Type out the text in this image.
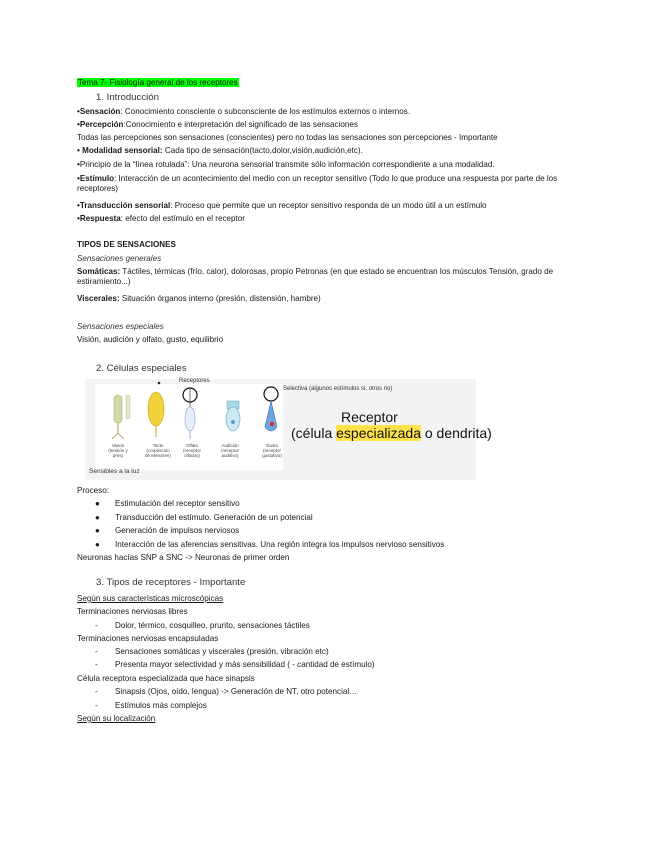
Tema 7- Fisiología general de los receptores
1. Introducción
•Sensación: Conocimiento consciente o subconsciente de los estímulos externos o internos.
•Percepción:Conocimiento e interpretación del significado de las sensaciones
Todas las percepciones son sensaciones (conscientes) pero no todas las sensaciones son percepciones - Importante
• Modalidad sensorial: Cada tipo de sensación(tacto,dolor,visión,audición,etc).
•Principio de la “línea rotulada”: Una neurona sensorial transmite sólo información correspondiente a una modalidad.
•Estímulo: Interacción de un acontecimiento del medio con un receptor sensitivo (Todo lo que produce una respuesta por parte de los receptores)
•Transducción sensorial: Proceso que permite que un receptor sensitivo responda de un modo útil a un estímulo
•Respuesta: efecto del estímulo en el receptor
TIPOS DE SENSACIONES
Sensaciones generales
Somáticas: Táctiles, térmicas (frío, calor), dolorosas, propio Petronas (en que estado se encuentran los músculos Tensión, grado de estiramiento...)
Viscerales: Situación órganos interno (presión, distensión, hambre)
Sensaciones especiales
Visión, audición y olfato, gusto, equilibrio
2. Células especiales
Receptores
Selectiva (algunos estímulos si, otros no)
Vasos (tensión y pres)
Tacto (corpúsculo de Meissner)
Olfato (receptor olfativo)
Audición (receptor auditivo)
Gusto (receptor gustativo)
Receptor
(célula especializada o dendrita)
Sensibles a la luz
Proceso:
● Estimulación del receptor sensitivo
● Transducción del estímulo. Generación de un potencial
● Generación de impulsos nerviosos
● Interacción de las aferencias sensitivas. Una región integra los impulsos nervioso sensitivos
Neuronas hacías SNP a SNC -> Neuronas de primer orden
3. Tipos de receptores - Importante
Según sus características microscópicas
Terminaciones nerviosas libres
- Dolor, térmico, cosquilleo, prurito, sensaciones táctiles
Terminaciones nerviosas encapsuladas
- Sensaciones somáticas y viscerales (presión, vibración etc)
- Presenta mayor selectividad y más sensibilidad ( - cantidad de estímulo)
Célula receptora especializada que hace sinapsis
- Sinapsis (Ojos, oído, lengua) -> Generación de NT, otro potencial…
- Estímulos más complejos
Según su localización
